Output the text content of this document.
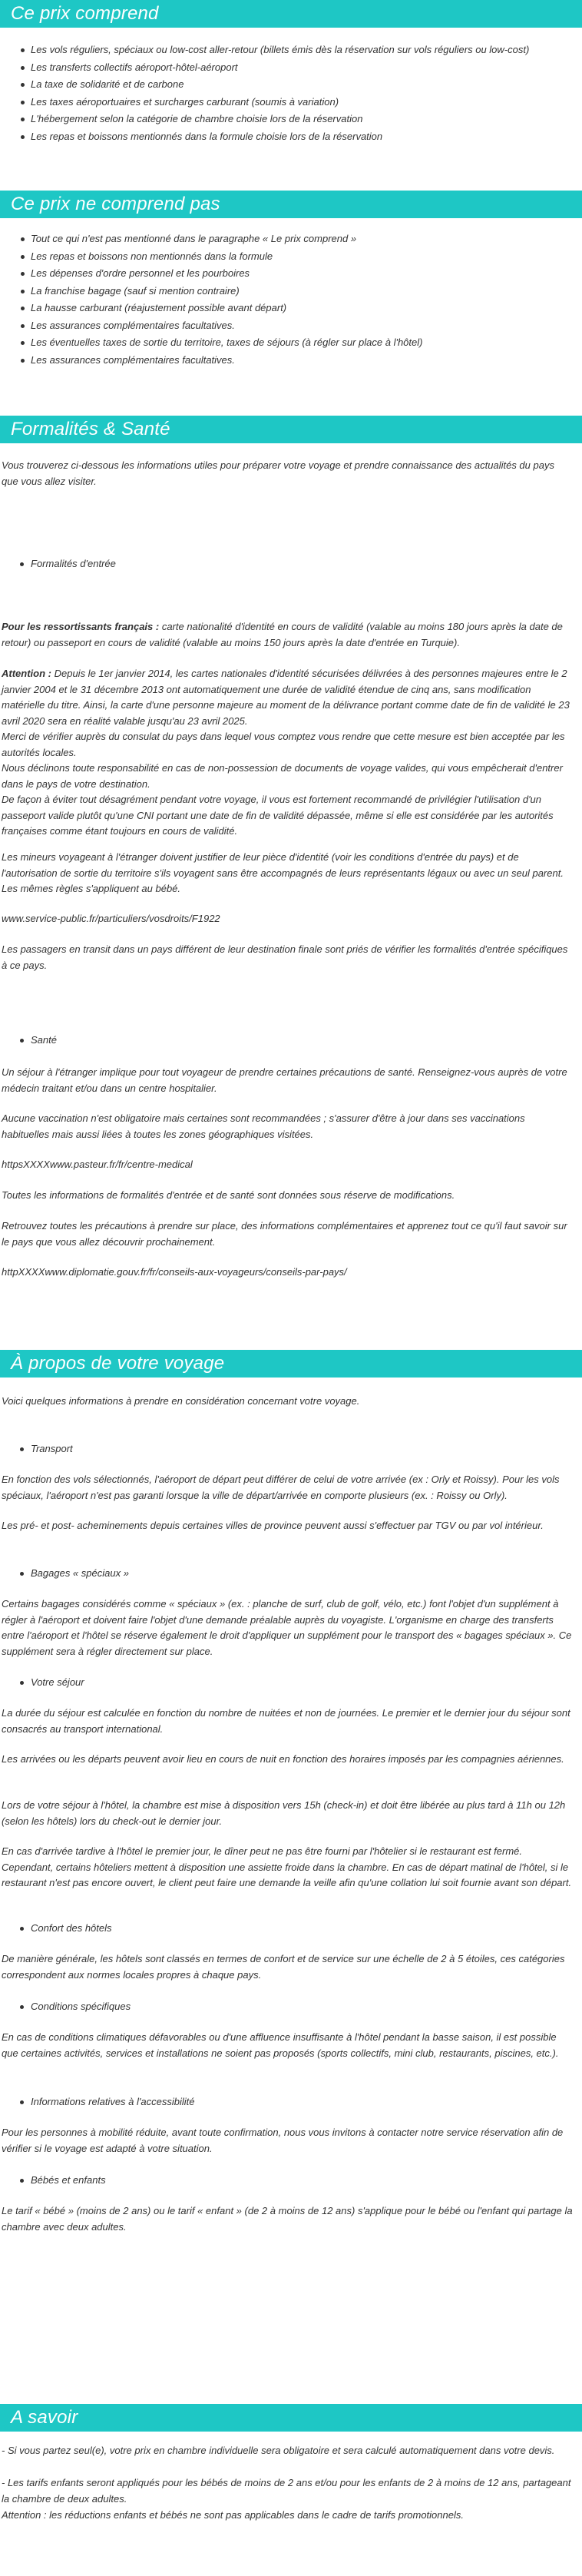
Ce prix comprend
Les vols réguliers, spéciaux ou low-cost aller-retour (billets émis dès la réservation sur vols réguliers ou low-cost)
Les transferts collectifs aéroport-hôtel-aéroport
La taxe de solidarité et de carbone
Les taxes aéroportuaires et surcharges carburant (soumis à variation)
L'hébergement selon la catégorie de chambre choisie lors de la réservation
Les repas et boissons mentionnés dans la formule choisie lors de la réservation
Ce prix ne comprend pas
Tout ce qui n'est pas mentionné dans le paragraphe « Le prix comprend »
Les repas et boissons non mentionnés dans la formule
Les dépenses d'ordre personnel et les pourboires
La franchise bagage (sauf si mention contraire)
La hausse carburant (réajustement possible avant départ)
Les assurances complémentaires facultatives.
Les éventuelles taxes de sortie du territoire, taxes de séjours (à régler sur place à l'hôtel)
Les assurances complémentaires facultatives.
Formalités & Santé

Vous trouverez ci-dessous les informations utiles pour préparer votre voyage et prendre connaissance des actualités du pays que vous allez visiter.

Formalités d'entrée

Pour les ressortissants français : carte nationalité d'identité en cours de validité (valable au moins 180 jours après la date de retour) ou passeport en cours de validité (valable au moins 150 jours après la date d'entrée en Turquie).

Attention : Depuis le 1er janvier 2014, les cartes nationales d'identité sécurisées délivrées à des personnes majeures entre le 2 janvier 2004 et le 31 décembre 2013 ont automatiquement une durée de validité étendue de cinq ans, sans modification matérielle du titre. Ainsi, la carte d'une personne majeure au moment de la délivrance portant comme date de fin de validité le 23 avril 2020 sera en réalité valable jusqu'au 23 avril 2025.

Merci de vérifier auprès du consulat du pays dans lequel vous comptez vous rendre que cette mesure est bien acceptée par les autorités locales.

Nous déclinons toute responsabilité en cas de non-possession de documents de voyage valides, qui vous empêcherait d'entrer dans le pays de votre destination.

De façon à éviter tout désagrément pendant votre voyage, il vous est fortement recommandé de privilégier l'utilisation d'un passeport valide plutôt qu'une CNI portant une date de fin de validité dépassée, même si elle est considérée par les autorités françaises comme étant toujours en cours de validité.

Les mineurs voyageant à l'étranger doivent justifier de leur pièce d'identité (voir les conditions d'entrée du pays) et de l'autorisation de sortie du territoire s'ils voyagent sans être accompagnés de leurs représentants légaux ou avec un seul parent. Les mêmes règles s'appliquent au bébé.

www.service-public.fr/particuliers/vosdroits/F1922

Les passagers en transit dans un pays différent de leur destination finale sont priés de vérifier les formalités d'entrée spécifiques à ce pays.

Santé

Un séjour à l'étranger implique pour tout voyageur de prendre certaines précautions de santé. Renseignez-vous auprès de votre médecin traitant et/ou dans un centre hospitalier.

Aucune vaccination n'est obligatoire mais certaines sont recommandées ; s'assurer d'être à jour dans ses vaccinations habituelles mais aussi liées à toutes les zones géographiques visitées.

httpsXXXXwww.pasteur.fr/fr/centre-medical

Toutes les informations de formalités d'entrée et de santé sont données sous réserve de modifications.

Retrouvez toutes les précautions à prendre sur place, des informations complémentaires et apprenez tout ce qu'il faut savoir sur le pays que vous allez découvrir prochainement.

httpXXXXwww.diplomatie.gouv.fr/fr/conseils-aux-voyageurs/conseils-par-pays/

À propos de votre voyage

Voici quelques informations à prendre en considération concernant votre voyage.

Transport

En fonction des vols sélectionnés, l'aéroport de départ peut différer de celui de votre arrivée (ex : Orly et Roissy). Pour les vols spéciaux, l'aéroport n'est pas garanti lorsque la ville de départ/arrivée en comporte plusieurs (ex. : Roissy ou Orly).

Les pré- et post- acheminements depuis certaines villes de province peuvent aussi s'effectuer par TGV ou par vol intérieur.

Bagages « spéciaux »

Certains bagages considérés comme « spéciaux » (ex. : planche de surf, club de golf, vélo, etc.) font l'objet d'un supplément à régler à l'aéroport et doivent faire l'objet d'une demande préalable auprès du voyagiste. L'organisme en charge des transferts entre l'aéroport et l'hôtel se réserve également le droit d'appliquer un supplément pour le transport des « bagages spéciaux ». Ce supplément sera à régler directement sur place.

Votre séjour

La durée du séjour est calculée en fonction du nombre de nuitées et non de journées. Le premier et le dernier jour du séjour sont consacrés au transport international.

Les arrivées ou les départs peuvent avoir lieu en cours de nuit en fonction des horaires imposés par les compagnies aériennes.

Lors de votre séjour à l'hôtel, la chambre est mise à disposition vers 15h (check-in) et doit être libérée au plus tard à 11h ou 12h (selon les hôtels) lors du check-out le dernier jour.

En cas d'arrivée tardive à l'hôtel le premier jour, le dîner peut ne pas être fourni par l'hôtelier si le restaurant est fermé. Cependant, certains hôteliers mettent à disposition une assiette froide dans la chambre. En cas de départ matinal de l'hôtel, si le restaurant n'est pas encore ouvert, le client peut faire une demande la veille afin qu'une collation lui soit fournie avant son départ.

Confort des hôtels

De manière générale, les hôtels sont classés en termes de confort et de service sur une échelle de 2 à 5 étoiles, ces catégories correspondent aux normes locales propres à chaque pays.

Conditions spécifiques

En cas de conditions climatiques défavorables ou d'une affluence insuffisante à l'hôtel pendant la basse saison, il est possible que certaines activités, services et installations ne soient pas proposés (sports collectifs, mini club, restaurants, piscines, etc.).

Informations relatives à l'accessibilité

Pour les personnes à mobilité réduite, avant toute confirmation, nous vous invitons à contacter notre service réservation afin de vérifier si le voyage est adapté à votre situation.

Bébés et enfants

Le tarif « bébé » (moins de 2 ans) ou le tarif « enfant » (de 2 à moins de 12 ans) s'applique pour le bébé ou l'enfant qui partage la chambre avec deux adultes.

A savoir

- Si vous partez seul(e), votre prix en chambre individuelle sera obligatoire et sera calculé automatiquement dans votre devis.

- Les tarifs enfants seront appliqués pour les bébés de moins de 2 ans et/ou pour les enfants de 2 à moins de 12 ans, partageant la chambre de deux adultes.

Attention : les réductions enfants et bébés ne sont pas applicables dans le cadre de tarifs promotionnels.
